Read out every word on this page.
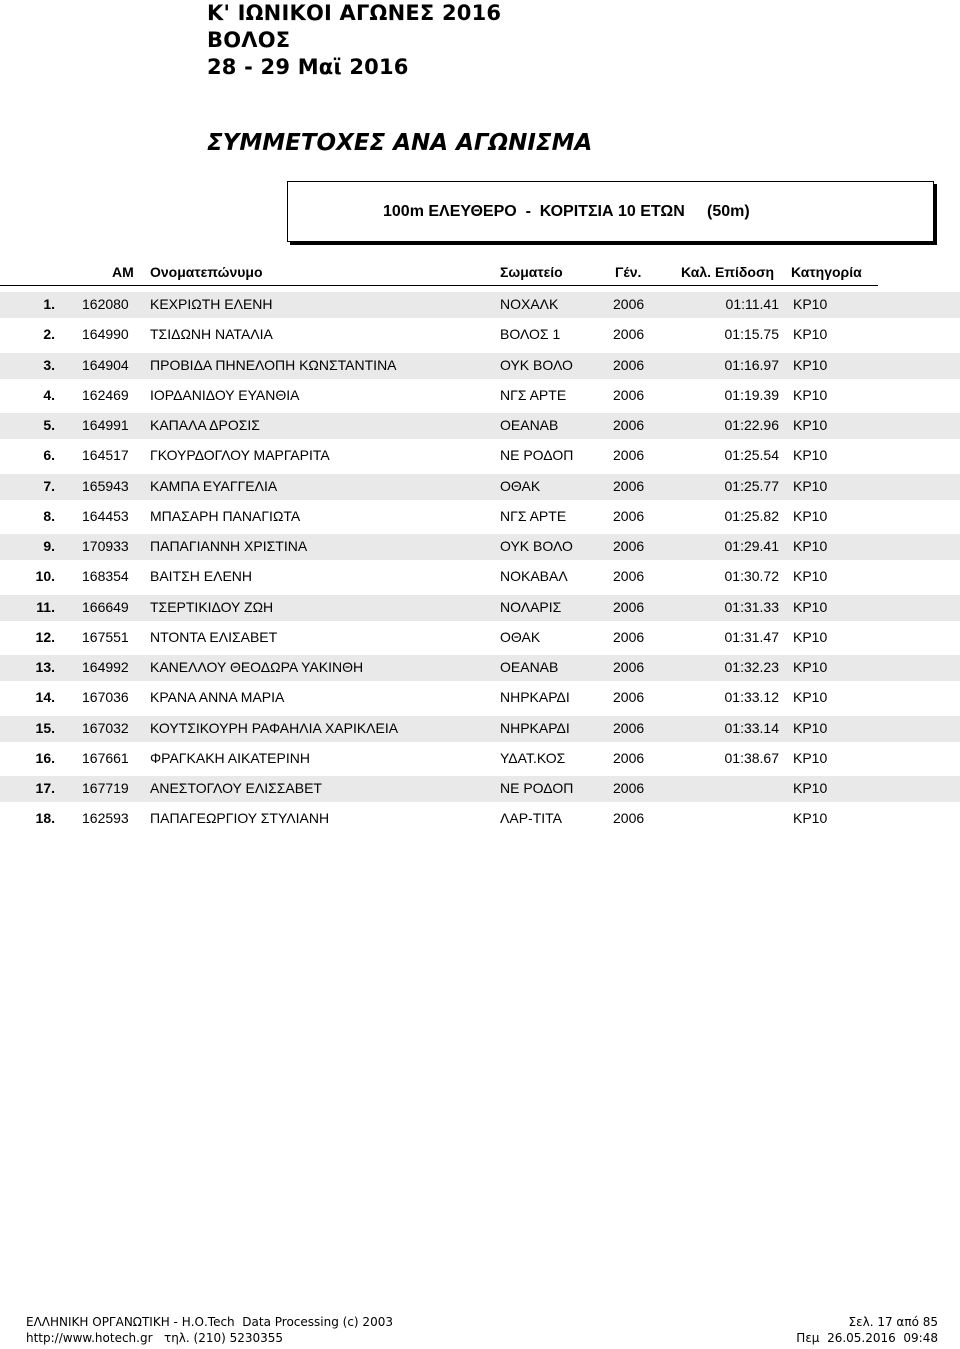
Κ' ΙΩΝΙΚΟΙ ΑΓΩΝΕΣ 2016
ΒΟΛΟΣ
28 - 29 Μαϊ 2016
ΣΥΜΜΕΤΟΧΕΣ ΑΝΑ ΑΓΩΝΙΣΜΑ
100m ΕΛΕΥΘΕΡΟ  -  ΚΟΡΙΤΣΙΑ 10 ΕΤΩΝ     (50m)
ΑΜ Ονοματεπώνυμο	Σωματείο	Γέν.	Καλ. Επίδοση Κατηγορία
1. 162080 ΚΕΧΡΙΩΤΗ ΕΛΕΝΗ	ΝΟΧΑΛΚ	2006	01:11.41 ΚΡ10
2. 164990 ΤΣΙΔΩΝΗ ΝΑΤΑΛΙΑ	ΒΟΛΟΣ 1	2006	01:15.75 ΚΡ10
3. 164904 ΠΡΟΒΙΔΑ ΠΗΝΕΛΟΠΗ ΚΩΝΣΤΑΝΤΙΝΑ	ΟΥΚ ΒΟΛΟ	2006	01:16.97 ΚΡ10
4. 162469 ΙΟΡΔΑΝΙΔΟΥ ΕΥΑΝΘΙΑ	ΝΓΣ ΑΡΤΕ	2006	01:19.39 ΚΡ10
5. 164991 ΚΑΠΑΛΑ ΔΡΟΣΙΣ	ΟΕΑΝΑΒ	2006	01:22.96 ΚΡ10
6. 164517 ΓΚΟΥΡΔΟΓΛΟΥ ΜΑΡΓΑΡΙΤΑ	ΝΕ ΡΟΔΟΠ	2006	01:25.54 ΚΡ10
7. 165943 ΚΑΜΠΑ ΕΥΑΓΓΕΛΙΑ	ΟΘΑΚ	2006	01:25.77 ΚΡ10
8. 164453 ΜΠΑΣΑΡΗ ΠΑΝΑΓΙΩΤΑ	ΝΓΣ ΑΡΤΕ	2006	01:25.82 ΚΡ10
9. 170933 ΠΑΠΑΓΙΑΝΝΗ ΧΡΙΣΤΙΝΑ	ΟΥΚ ΒΟΛΟ	2006	01:29.41 ΚΡ10
10. 168354 ΒΑΙΤΣΗ ΕΛΕΝΗ	ΝΟΚΑΒΑΛ	2006	01:30.72 ΚΡ10
11. 166649 ΤΣΕΡΤΙΚΙΔΟΥ ΖΩΗ	ΝΟΛΑΡΙΣ	2006	01:31.33 ΚΡ10
12. 167551 ΝΤΟΝΤΑ ΕΛΙΣΑΒΕΤ	ΟΘΑΚ	2006	01:31.47 ΚΡ10
13. 164992 ΚΑΝΕΛΛΟΥ ΘΕΟΔΩΡΑ ΥΑΚΙΝΘΗ	ΟΕΑΝΑΒ	2006	01:32.23 ΚΡ10
14. 167036 ΚΡΑΝΑ ΑΝΝΑ ΜΑΡΙΑ	ΝΗΡΚΑΡΔΙ	2006	01:33.12 ΚΡ10
15. 167032 ΚΟΥΤΣΙΚΟΥΡΗ ΡΑΦΑΗΛΙΑ ΧΑΡΙΚΛΕΙΑ	ΝΗΡΚΑΡΔΙ	2006	01:33.14 ΚΡ10
16. 167661 ΦΡΑΓΚΑΚΗ ΑΙΚΑΤΕΡΙΝΗ	ΥΔΑΤ.ΚΟΣ	2006	01:38.67 ΚΡ10
17. 167719 ΑΝΕΣΤΟΓΛΟΥ ΕΛΙΣΣΑΒΕΤ	ΝΕ ΡΟΔΟΠ	2006	ΚΡ10
18. 162593 ΠΑΠΑΓΕΩΡΓΙΟΥ ΣΤΥΛΙΑΝΗ	ΛΑΡ-ΤΙΤΑ	2006	ΚΡ10
ΕΛΛΗΝΙΚΗ ΟΡΓΑΝΩΤΙΚΗ - Η.Ο.Tech  Data Processing (c) 2003
http://www.hotech.gr   τηλ. (210) 5230355
Σελ. 17 από 85
Πεμ  26.05.2016  09:48
